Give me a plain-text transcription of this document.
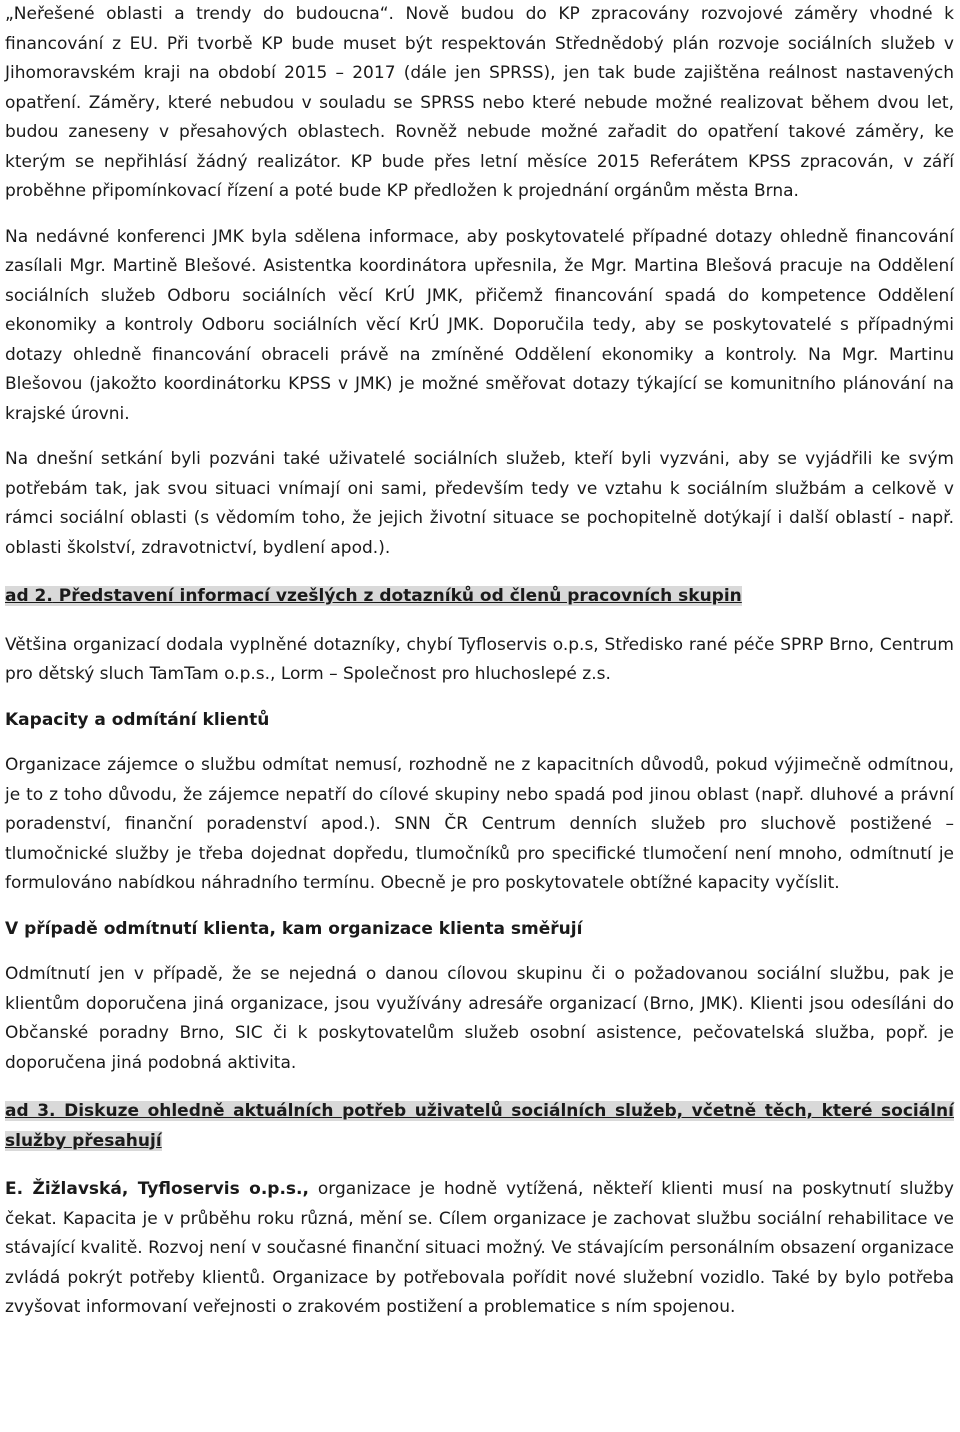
„Neřešené oblasti a trendy do budoucna“. Nově budou do KP zpracovány rozvojové záměry vhodné k financování z EU. Při tvorbě KP bude muset být respektován Střednědobý plán rozvoje sociálních služeb v Jihomoravském kraji na období 2015 – 2017 (dále jen SPRSS), jen tak bude zajištěna reálnost nastavených opatření. Záměry, které nebudou v souladu se SPRSS nebo které nebude možné realizovat během dvou let, budou zaneseny v přesahových oblastech. Rovněž nebude možné zařadit do opatření takové záměry, ke kterým se nepřihlásí žádný realizátor. KP bude přes letní měsíce 2015 Referátem KPSS zpracován, v září proběhne připomínkovací řízení a poté bude KP předložen k projednání orgánům města Brna.

Na nedávné konferenci JMK byla sdělena informace, aby poskytovatelé případné dotazy ohledně financování zasílali Mgr. Martině Blešové. Asistentka koordinátora upřesnila, že Mgr. Martina Blešová pracuje na Oddělení sociálních služeb Odboru sociálních věcí KrÚ JMK, přičemž financování spadá do kompetence Oddělení ekonomiky a kontroly Odboru sociálních věcí KrÚ JMK. Doporučila tedy, aby se poskytovatelé s případnými dotazy ohledně financování obraceli právě na zmíněné Oddělení ekonomiky a kontroly. Na Mgr. Martinu Blešovou (jakožto koordinátorku KPSS v JMK) je možné směřovat dotazy týkající se komunitního plánování na krajské úrovni.

Na dnešní setkání byli pozváni také uživatelé sociálních služeb, kteří byli vyzváni, aby se vyjádřili ke svým potřebám tak, jak svou situaci vnímají oni sami, především tedy ve vztahu k sociálním službám a celkově v rámci sociální oblasti (s vědomím toho, že jejich životní situace se pochopitelně dotýkají i další oblastí - např. oblasti školství, zdravotnictví, bydlení apod.).

ad 2. Představení informací vzešlých z dotazníků od členů pracovních skupin

Většina organizací dodala vyplněné dotazníky, chybí Tyfloservis o.p.s, Středisko rané péče SPRP Brno, Centrum pro dětský sluch TamTam o.p.s., Lorm – Společnost pro hluchoslepé z.s.

Kapacity a odmítání klientů

Organizace zájemce o službu odmítat nemusí, rozhodně ne z kapacitních důvodů, pokud výjimečně odmítnou, je to z toho důvodu, že zájemce nepatří do cílové skupiny nebo spadá pod jinou oblast (např. dluhové a právní poradenství, finanční poradenství apod.). SNN ČR Centrum denních služeb pro sluchově postižené – tlumočnické služby je třeba dojednat dopředu, tlumočníků pro specifické tlumočení není mnoho, odmítnutí je formulováno nabídkou náhradního termínu. Obecně je pro poskytovatele obtížné kapacity vyčíslit.

V případě odmítnutí klienta, kam organizace klienta směřují

Odmítnutí jen v případě, že se nejedná o danou cílovou skupinu či o požadovanou sociální službu, pak je klientům doporučena jiná organizace, jsou využívány adresáře organizací (Brno, JMK). Klienti jsou odesíláni do Občanské poradny Brno, SIC či k poskytovatelům služeb osobní asistence, pečovatelská služba, popř. je doporučena jiná podobná aktivita.

ad 3. Diskuze ohledně aktuálních potřeb uživatelů sociálních služeb, včetně těch, které sociální služby přesahují

E. Žižlavská, Tyfloservis o.p.s., organizace je hodně vytížená, někteří klienti musí na poskytnutí služby čekat. Kapacita je v průběhu roku různá, mění se. Cílem organizace je zachovat službu sociální rehabilitace ve stávající kvalitě. Rozvoj není v současné finanční situaci možný. Ve stávajícím personálním obsazení organizace zvládá pokrýt potřeby klientů. Organizace by potřebovala pořídit nové služební vozidlo. Také by bylo potřeba zvyšovat informovaní veřejnosti o zrakovém postižení a problematice s ním spojenou.
